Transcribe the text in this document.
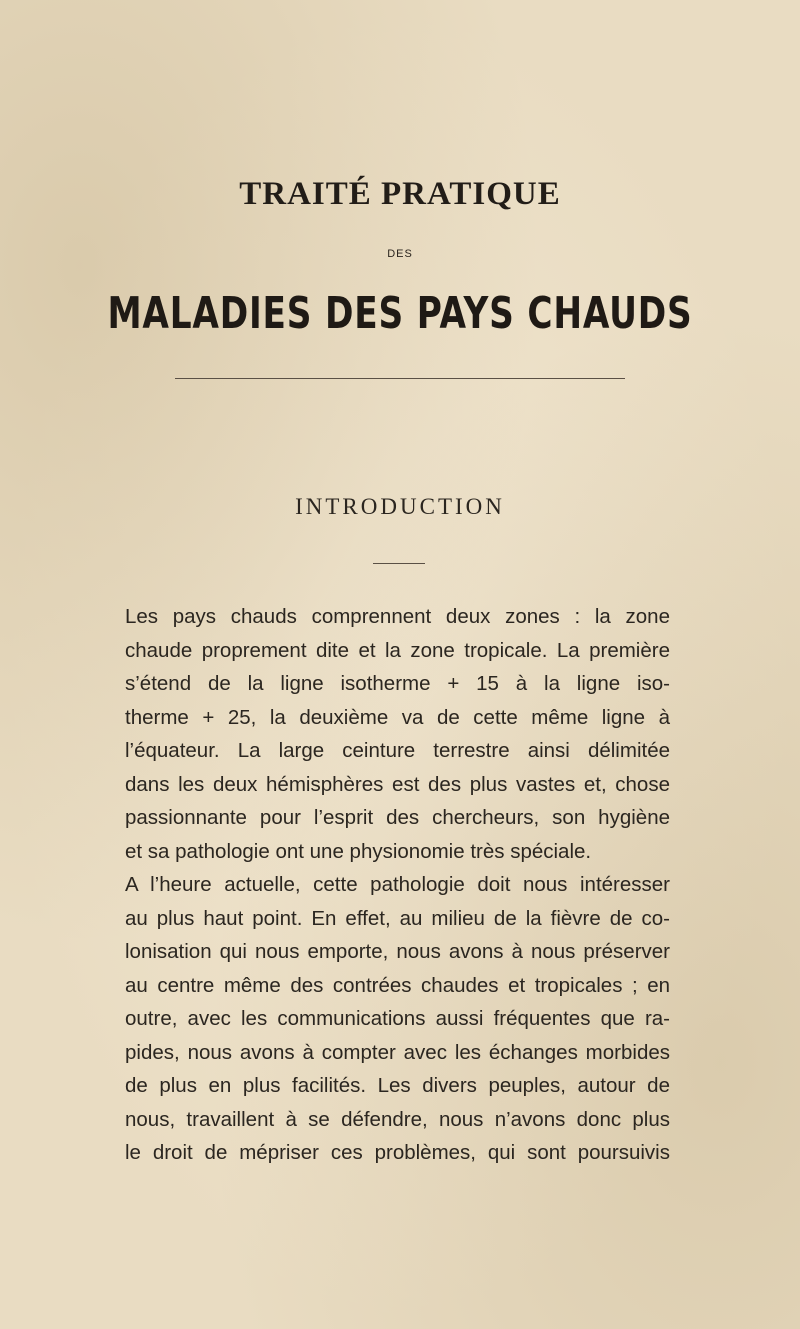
TRAITÉ PRATIQUE
DES
MALADIES DES PAYS CHAUDS
INTRODUCTION
Les pays chauds comprennent deux zones : la zone
chaude proprement dite et la zone tropicale. La première
s’étend de la ligne isotherme + 15 à la ligne iso-
therme + 25, la deuxième va de cette même ligne à
l’équateur. La large ceinture terrestre ainsi délimitée
dans les deux hémisphères est des plus vastes et, chose
passionnante pour l’esprit des chercheurs, son hygiène
et sa pathologie ont une physionomie très spéciale.
A l’heure actuelle, cette pathologie doit nous intéresser
au plus haut point. En effet, au milieu de la fièvre de co-
lonisation qui nous emporte, nous avons à nous préserver
au centre même des contrées chaudes et tropicales ; en
outre, avec les communications aussi fréquentes que ra-
pides, nous avons à compter avec les échanges morbides
de plus en plus facilités. Les divers peuples, autour de
nous, travaillent à se défendre, nous n’avons donc plus
le droit de mépriser ces problèmes, qui sont poursuivis
